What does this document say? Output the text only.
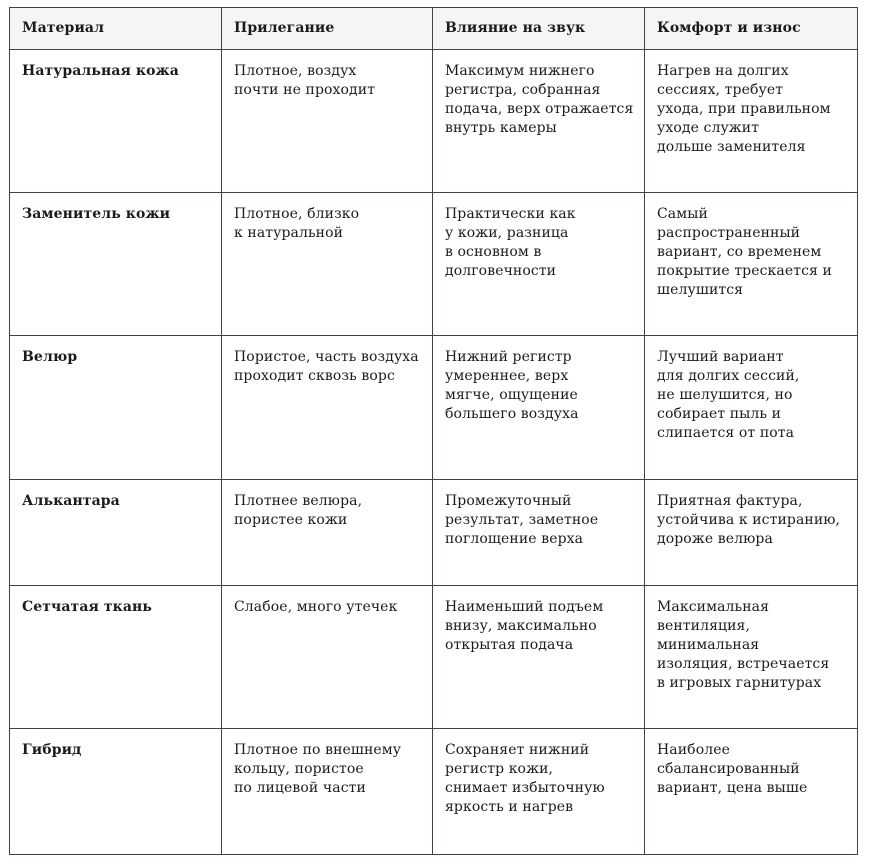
Материал	Прилегание	Влияние на звук	Комфорт и износ

Натуральная кожа	Плотное, воздух
почти не проходит	Максимум нижнего
регистра, собранная
подача, верх отражается
внутрь камеры	Нагрев на долгих
сессиях, требует
ухода, при правильном
уходе служит
дольше заменителя

Заменитель кожи	Плотное, близко
к натуральной	Практически как
у кожи, разница
в основном в
долговечности	Самый
распространенный
вариант, со временем
покрытие трескается и
шелушится

Велюр	Пористое, часть воздуха
проходит сквозь ворс	Нижний регистр
умереннее, верх
мягче, ощущение
большего воздуха	Лучший вариант
для долгих сессий,
не шелушится, но
собирает пыль и
слипается от пота

Алькантара	Плотнее велюра,
пористее кожи	Промежуточный
результат, заметное
поглощение верха	Приятная фактура,
устойчива к истиранию,
дороже велюра

Сетчатая ткань	Слабое, много утечек	Наименьший подъем
внизу, максимально
открытая подача	Максимальная
вентиляция,
минимальная
изоляция, встречается
в игровых гарнитурах

Гибрид	Плотное по внешнему
кольцу, пористое
по лицевой части	Сохраняет нижний
регистр кожи,
снимает избыточную
яркость и нагрев	Наиболее
сбалансированный
вариант, цена выше
